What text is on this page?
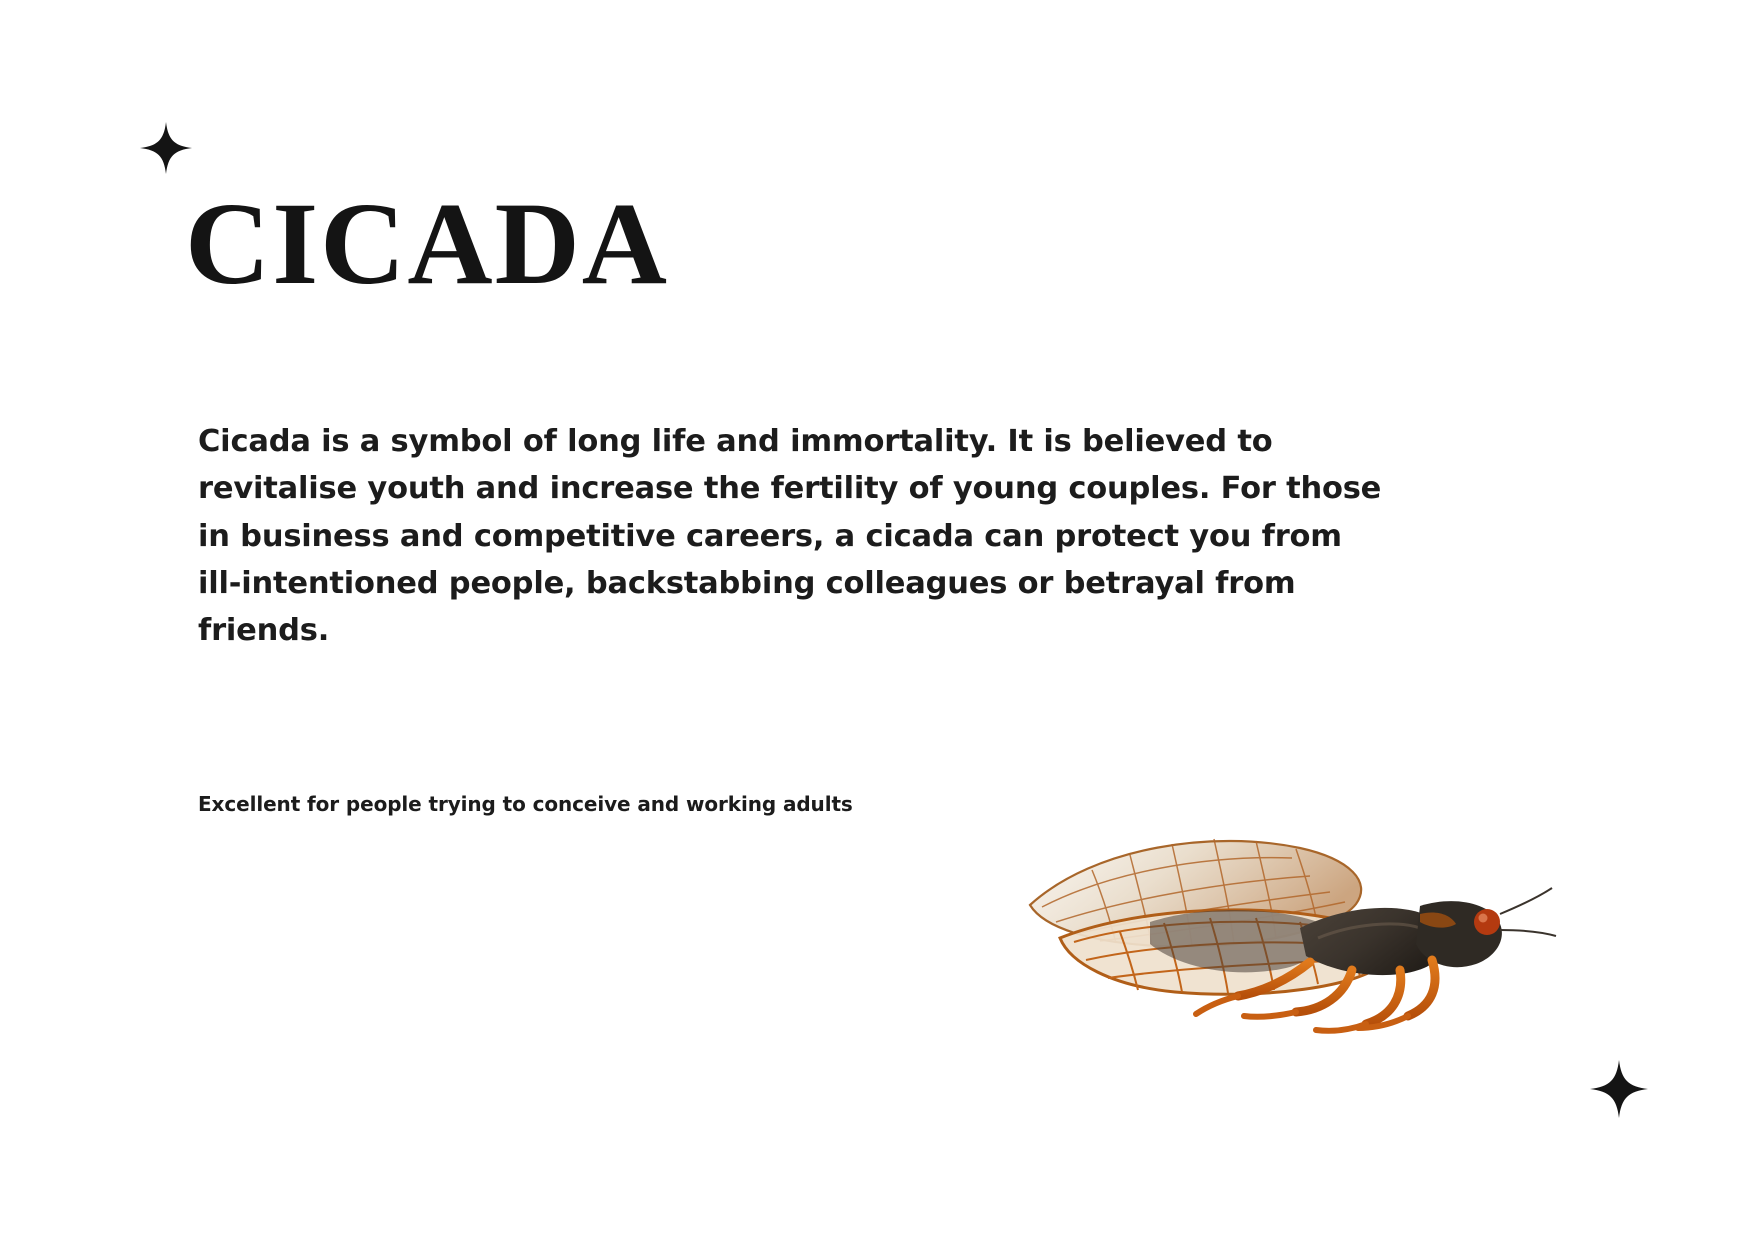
CICADA

Cicada is a symbol of long life and immortality. It is believed to revitalise youth and increase the fertility of young couples. For those in business and competitive careers, a cicada can protect you from ill-intentioned people, backstabbing colleagues or betrayal from friends.

Excellent for people trying to conceive and working adults
